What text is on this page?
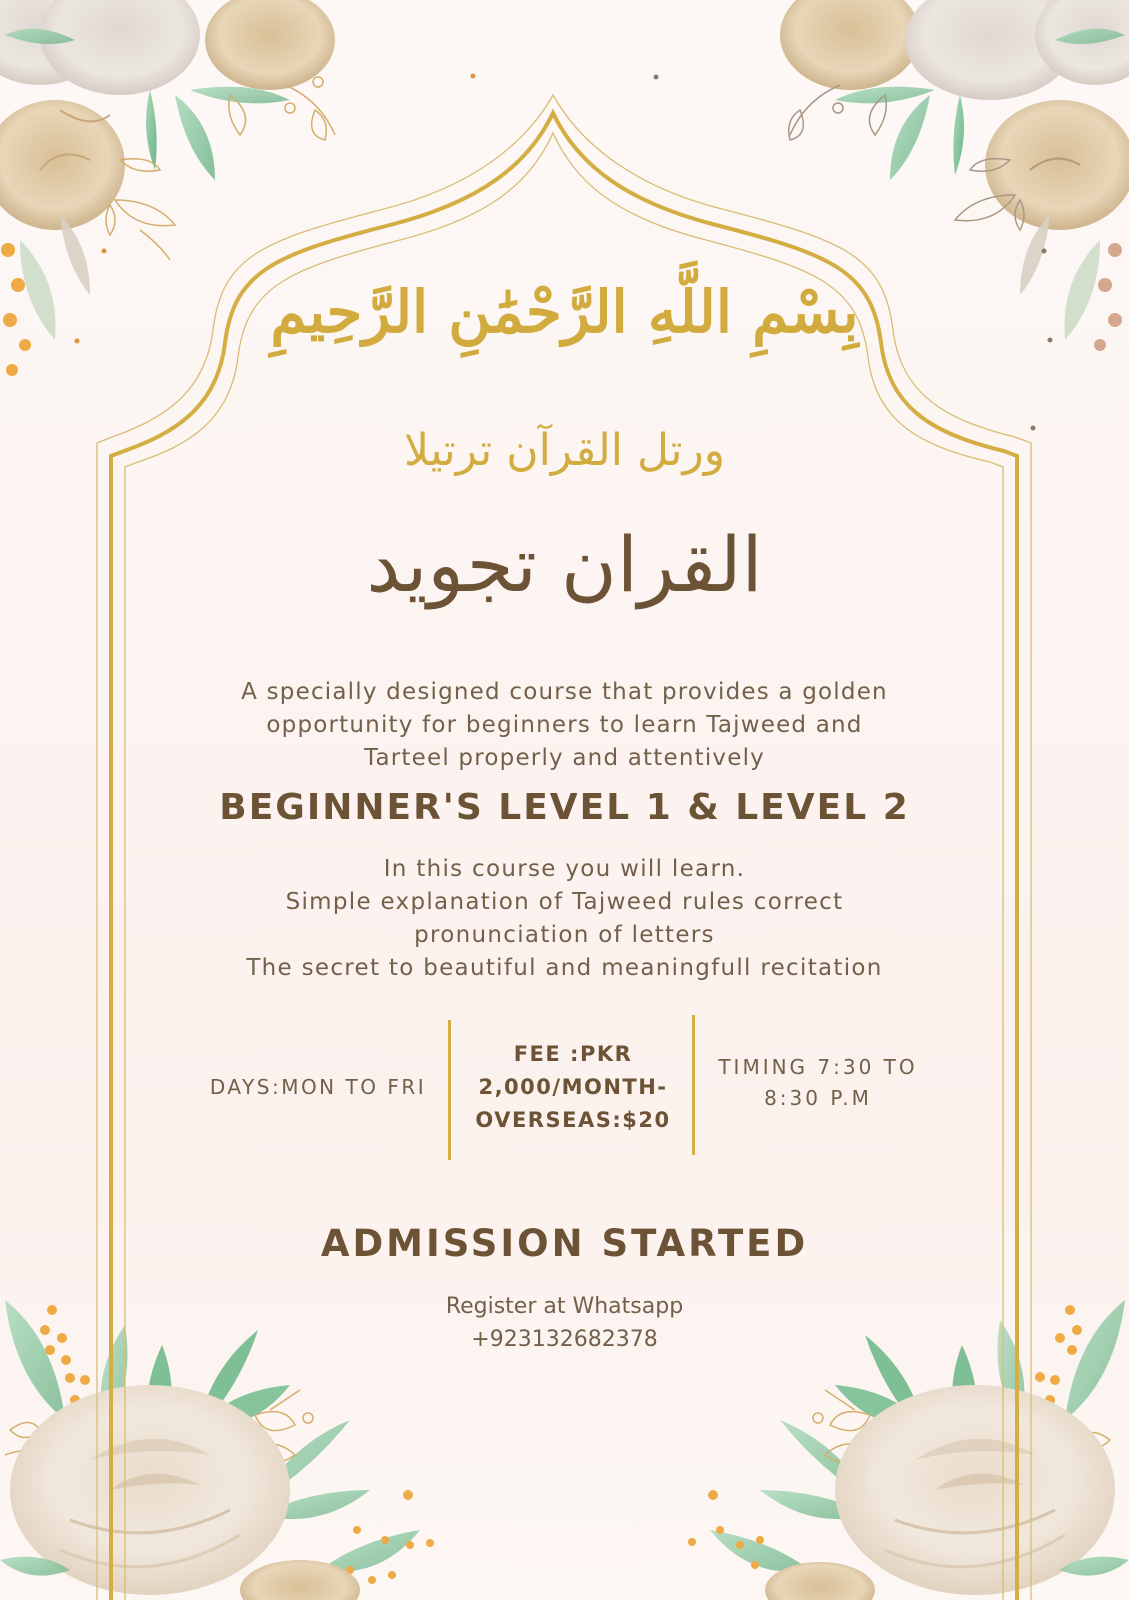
بِسْمِ اللَّهِ الرَّحْمَٰنِ الرَّحِيمِ
ورتل القرآن ترتيلا
القران تجويد
A specially designed course that provides a golden
opportunity for beginners to learn Tajweed and
Tarteel properly and attentively
BEGINNER'S LEVEL 1 & LEVEL 2
In this course you will learn.
Simple explanation of Tajweed rules correct
pronunciation of letters
The secret to beautiful and meaningfull recitation
DAYS:MON TO FRI
FEE :PKR
2,000/MONTH-
OVERSEAS:$20
TIMING 7:30 TO
8:30 P.M
ADMISSION STARTED
Register at Whatsapp
+923132682378
